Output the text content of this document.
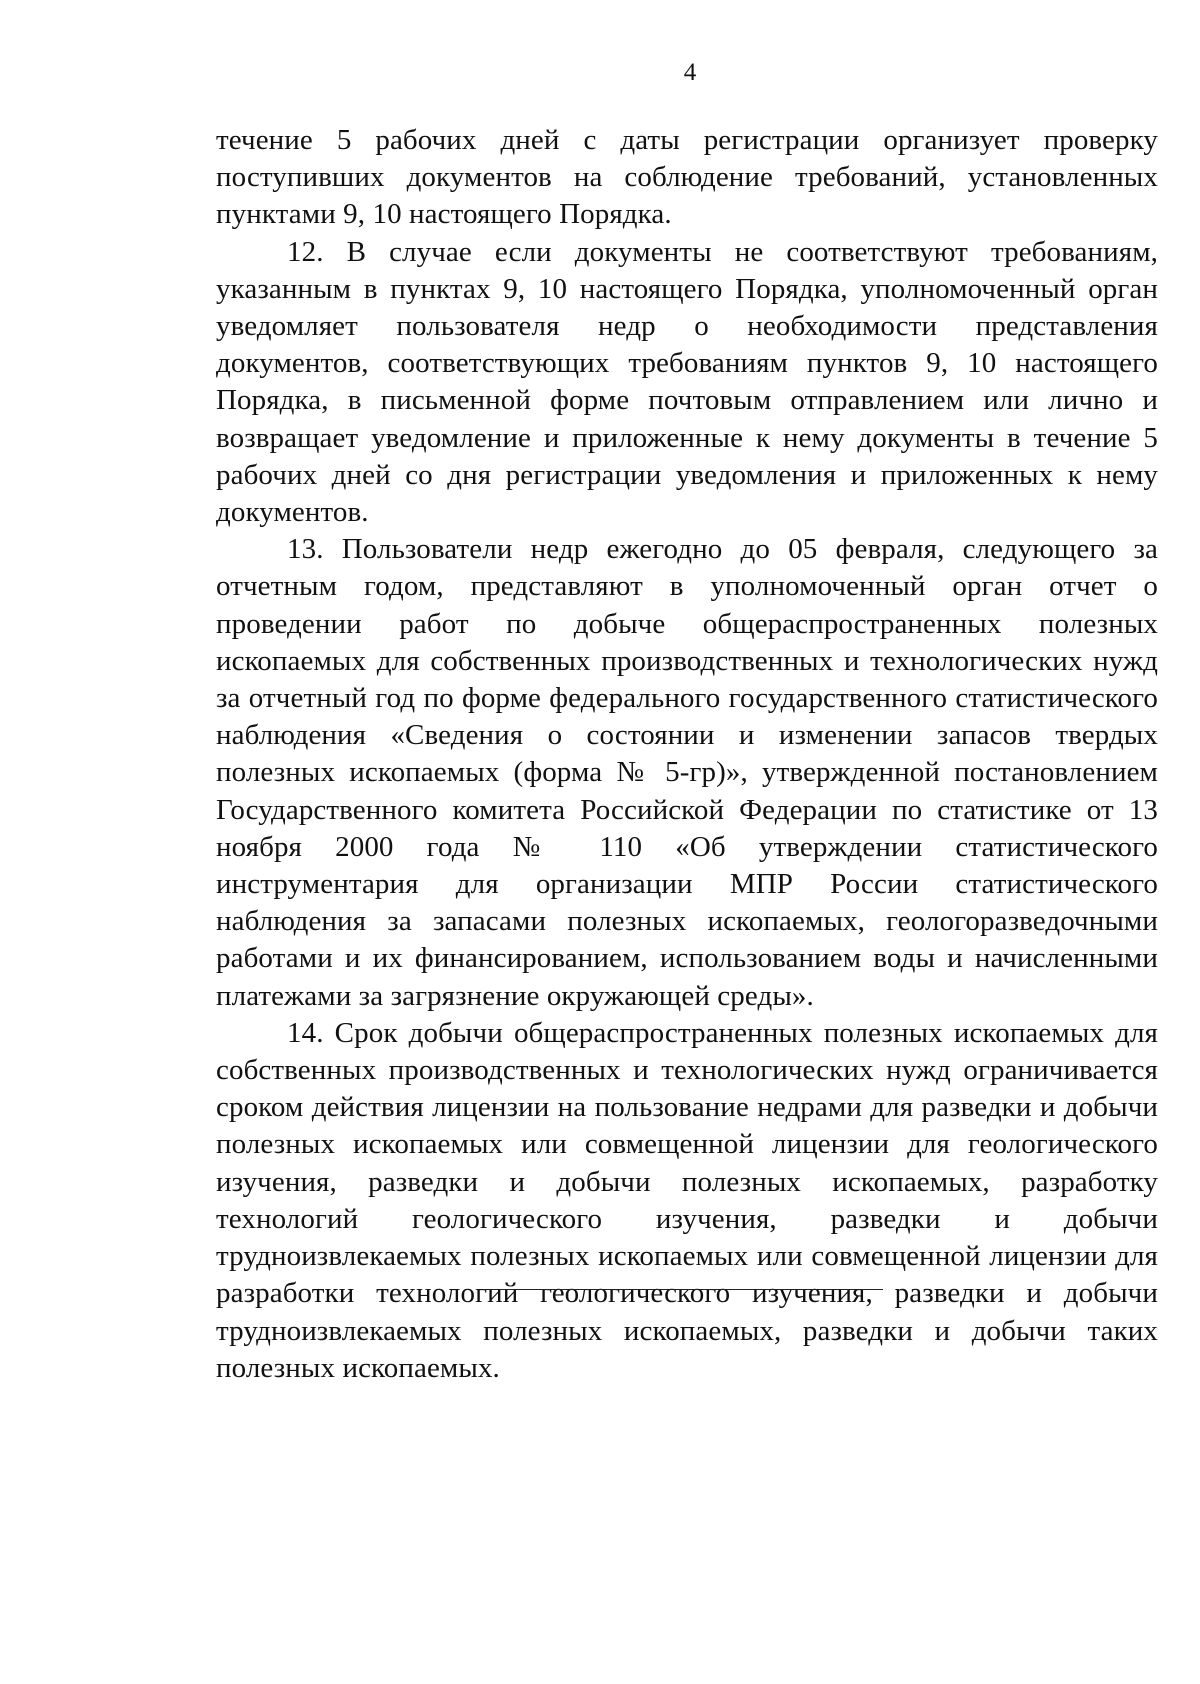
4

течение 5 рабочих дней с даты регистрации организует проверку поступивших документов на соблюдение требований, установленных пунктами 9, 10 настоящего Порядка.

12. В случае если документы не соответствуют требованиям, указанным в пунктах 9, 10 настоящего Порядка, уполномоченный орган уведомляет пользователя недр о необходимости представления документов, соответствующих требованиям пунктов 9, 10 настоящего Порядка, в письменной форме почтовым отправлением или лично и возвращает уведомление и приложенные к нему документы в течение 5 рабочих дней со дня регистрации уведомления и приложенных к нему документов.

13. Пользователи недр ежегодно до 05 февраля, следующего за отчетным годом, представляют в уполномоченный орган отчет о проведении работ по добыче общераспространенных полезных ископаемых для собственных производственных и технологических нужд за отчетный год по форме федерального государственного статистического наблюдения «Сведения о состоянии и изменении запасов твердых полезных ископаемых (форма № 5-гр)», утвержденной постановлением Государственного комитета Российской Федерации по статистике от 13 ноября 2000 года № 110 «Об утверждении статистического инструментария для организации МПР России статистического наблюдения за запасами полезных ископаемых, геологоразведочными работами и их финансированием, использованием воды и начисленными платежами за загрязнение окружающей среды».

14. Срок добычи общераспространенных полезных ископаемых для собственных производственных и технологических нужд ограничивается сроком действия лицензии на пользование недрами для разведки и добычи полезных ископаемых или совмещенной лицензии для геологического изучения, разведки и добычи полезных ископаемых, разработку технологий геологического изучения, разведки и добычи трудноизвлекаемых полезных ископаемых или совмещенной лицензии для разработки технологий геологического изучения, разведки и добычи трудноизвлекаемых полезных ископаемых, разведки и добычи таких полезных ископаемых.
